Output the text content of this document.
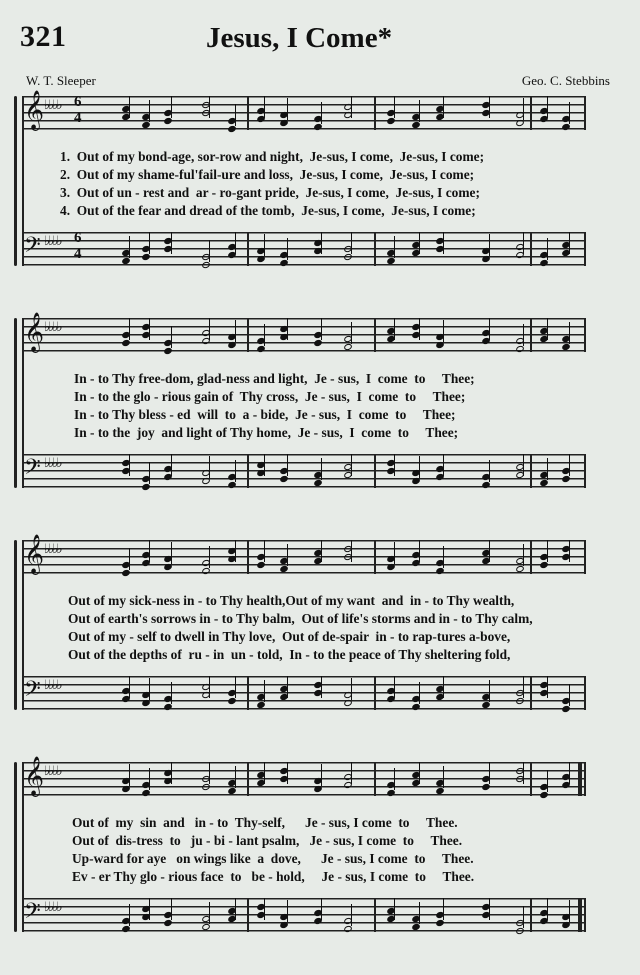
321	Jesus, I Come*
W. T. Sleeper	Geo. C. Stebbins
𝄞 ♭♭♭♭ 6
4

1.  Out of my bond-age, sor-row and night,  Je-sus, I come,  Je-sus, I come;

2.  Out of my shame-ful'fail-ure and loss,  Je-sus, I come,  Je-sus, I come;

3.  Out of un - rest and  ar - ro-gant pride,  Je-sus, I come,  Je-sus, I come;

4.  Out of the fear and dread of the tomb,  Je-sus, I come,  Je-sus, I come;

𝄢 ♭♭♭♭ 6
4
𝄞 ♭♭♭♭

In - to Thy free-dom, glad-ness and light,  Je - sus,  I  come  to     Thee;

In - to the glo - rious gain of  Thy cross,  Je - sus,  I  come  to     Thee;

In - to Thy bless - ed  will  to  a - bide,  Je - sus,  I  come  to     Thee;

In - to the  joy  and light of Thy home,  Je - sus,  I  come  to     Thee;

𝄢 ♭♭♭♭
𝄞 ♭♭♭♭

Out of my sick-ness in - to Thy health,Out of my want  and  in - to Thy wealth,

Out of earth's sorrows in - to Thy balm,  Out of life's storms and in - to Thy calm,

Out of my - self to dwell in Thy love,  Out of de-spair  in - to rap-tures a-bove,

Out of the depths of  ru - in  un - told,  In - to the peace of Thy sheltering fold,

𝄢 ♭♭♭♭
𝄞 ♭♭♭♭

Out of  my  sin  and   in - to  Thy-self,      Je - sus, I come  to     Thee.

Out of  dis-tress  to   ju - bi - lant psalm,   Je - sus, I come  to     Thee.

Up-ward for aye   on wings like  a  dove,      Je - sus, I come  to     Thee.

Ev - er Thy glo - rious face  to   be - hold,     Je - sus, I come  to     Thee.

𝄢 ♭♭♭♭
